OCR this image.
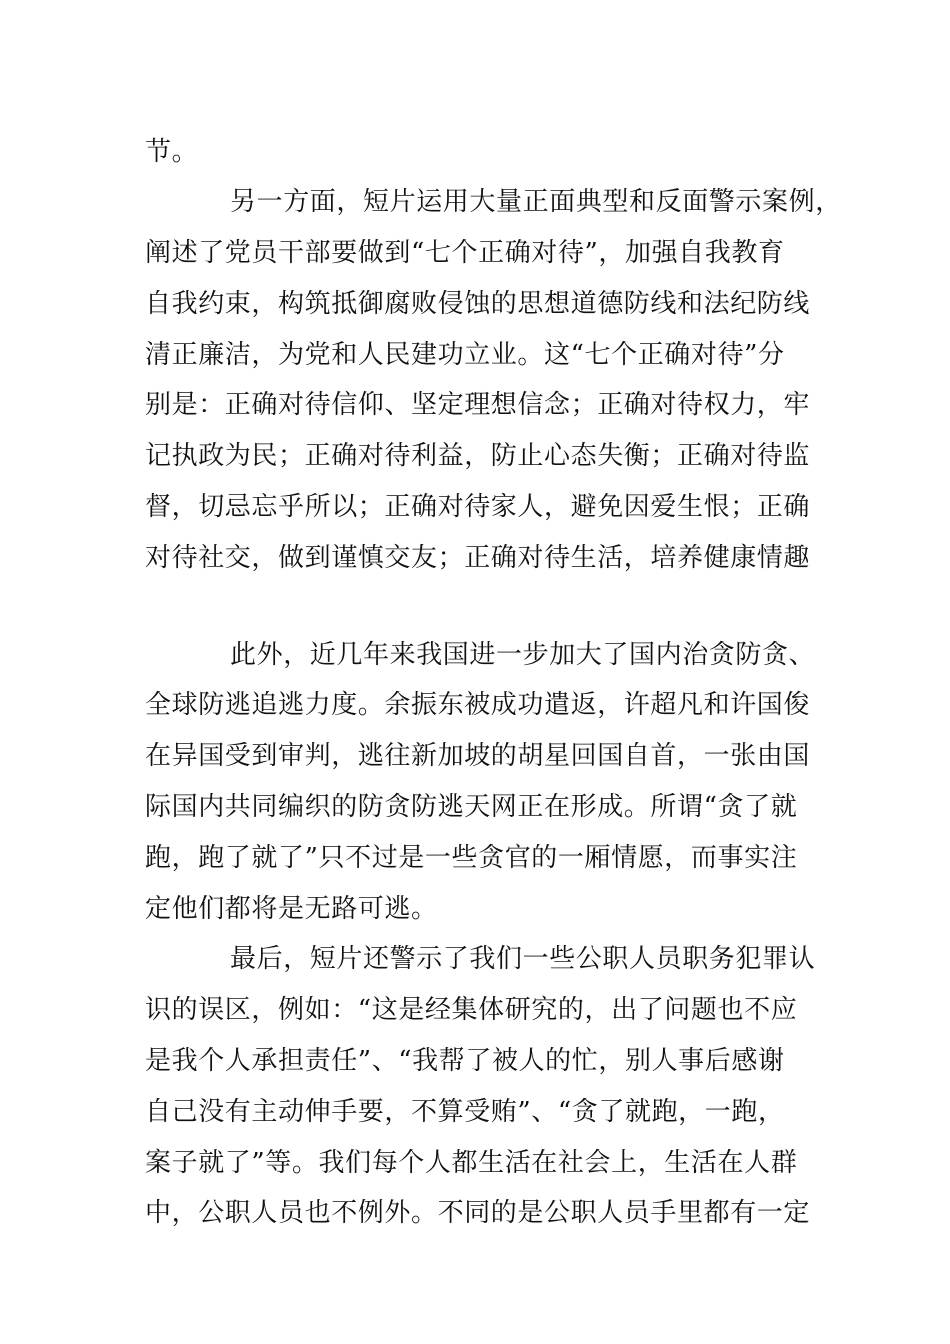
节。
另一方面，短片运用大量正面典型和反面警示案例，
阐述了党员干部要做到“七个正确对待”，加强自我教育
自我约束，构筑抵御腐败侵蚀的思想道德防线和法纪防线
清正廉洁，为党和人民建功立业。这“七个正确对待”分
别是：正确对待信仰、坚定理想信念；正确对待权力，牢
记执政为民；正确对待利益，防止心态失衡；正确对待监
督，切忌忘乎所以；正确对待家人，避免因爱生恨；正确
对待社交，做到谨慎交友；正确对待生活，培养健康情趣
此外，近几年来我国进一步加大了国内治贪防贪、
全球防逃追逃力度。余振东被成功遣返，许超凡和许国俊
在异国受到审判，逃往新加坡的胡星回国自首，一张由国
际国内共同编织的防贪防逃天网正在形成。所谓“贪了就
跑，跑了就了”只不过是一些贪官的一厢情愿，而事实注
定他们都将是无路可逃。
最后，短片还警示了我们一些公职人员职务犯罪认
识的误区，例如：“这是经集体研究的，出了问题也不应
是我个人承担责任”、“我帮了被人的忙，别人事后感谢
自己没有主动伸手要，不算受贿”、“贪了就跑，一跑，
案子就了”等。我们每个人都生活在社会上，生活在人群
中，公职人员也不例外。不同的是公职人员手里都有一定
